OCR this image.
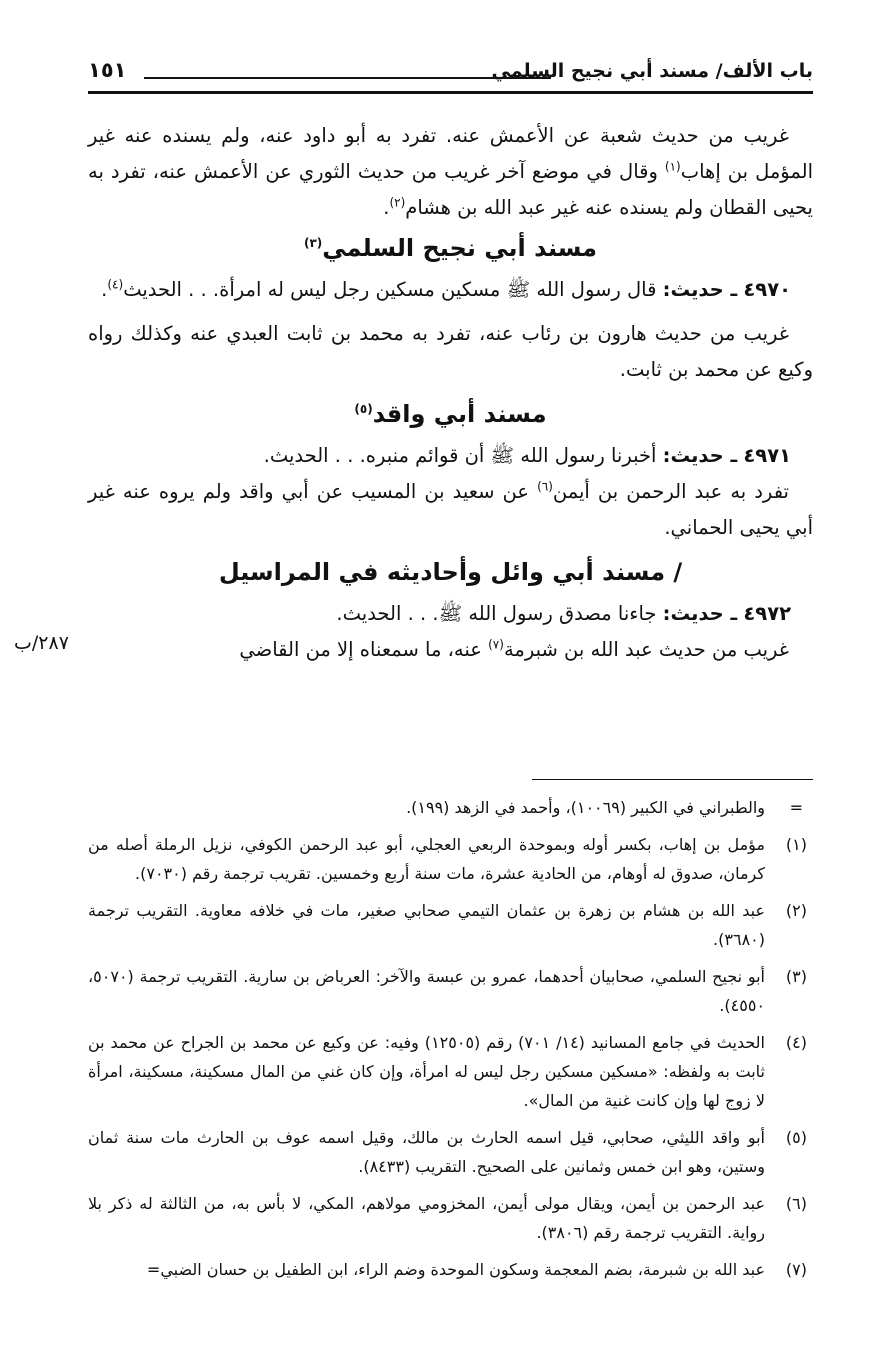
باب الألف/ مسند أبي نجيح السلمي
١٥١

غريب من حديث شعبة عن الأعمش عنه. تفرد به أبو داود عنه، ولم يسنده عنه غير المؤمل بن إهاب$^{(١)}$ وقال في موضع آخر غريب من حديث الثوري عن الأعمش عنه، تفرد به يحيى القطان ولم يسنده عنه غير عبد الله بن هشام$^{(٢)}$.

مسند أبي نجيح السلمي$^{(٣)}$

٤٩٧٠ ـ حديث: قال رسول الله ﷺ مسكين مسكين رجل ليس له امرأة. . . الحديث$^{(٤)}$.

غريب من حديث هارون بن رئاب عنه، تفرد به محمد بن ثابت العبدي عنه وكذلك رواه وكيع عن محمد بن ثابت.

مسند أبي واقد$^{(٥)}$

٤٩٧١ ـ حديث: أخبرنا رسول الله ﷺ أن قوائم منبره. . . الحديث.

تفرد به عبد الرحمن بن أيمن$^{(٦)}$ عن سعيد بن المسيب عن أبي واقد ولم يروه عنه غير أبي يحيى الحماني.

/ مسند أبي وائل وأحاديثه في المراسيل

٤٩٧٢ ـ حديث: جاءنا مصدق رسول الله ﷺ. . . الحديث.

غريب من حديث عبد الله بن شبرمة$^{(٧)}$ عنه، ما سمعناه إلا من القاضي

٢٨٧/ب

=
والطبراني في الكبير (١٠٠٦٩)، وأحمد في الزهد (١٩٩).

(١)
مؤمل بن إهاب، بكسر أوله وبموحدة الربعي العجلي، أبو عبد الرحمن الكوفي، نزيل الرملة أصله من كرمان، صدوق له أوهام، من الحادية عشرة، مات سنة أربع وخمسين. تقريب ترجمة رقم (٧٠٣٠).

(٢)
عبد الله بن هشام بن زهرة بن عثمان التيمي صحابي صغير، مات في خلافه معاوية. التقريب ترجمة (٣٦٨٠).

(٣)
أبو نجيح السلمي، صحابيان أحدهما، عمرو بن عبسة والآخر: العرباض بن سارية. التقريب ترجمة (٥٠٧٠، ٤٥٥٠).

(٤)
الحديث في جامع المسانيد (١٤/ ٧٠١) رقم (١٢٥٠٥) وفيه: عن وكيع عن محمد بن الجراح عن محمد بن ثابت به ولفظه: «مسكين مسكين رجل ليس له امرأة، وإن كان غني من المال مسكينة، مسكينة، امرأة لا زوج لها وإن كانت غنية من المال».

(٥)
أبو واقد الليثي، صحابي، قيل اسمه الحارث بن مالك، وقيل اسمه عوف بن الحارث مات سنة ثمان وستين، وهو ابن خمس وثمانين على الصحيح. التقريب (٨٤٣٣).

(٦)
عبد الرحمن بن أيمن، ويقال مولى أيمن، المخزومي مولاهم، المكي، لا بأس به، من الثالثة له ذكر بلا رواية. التقريب ترجمة رقم (٣٨٠٦).

(٧)
عبد الله بن شبرمة، بضم المعجمة وسكون الموحدة وضم الراء، ابن الطفيل بن حسان الضبي=
